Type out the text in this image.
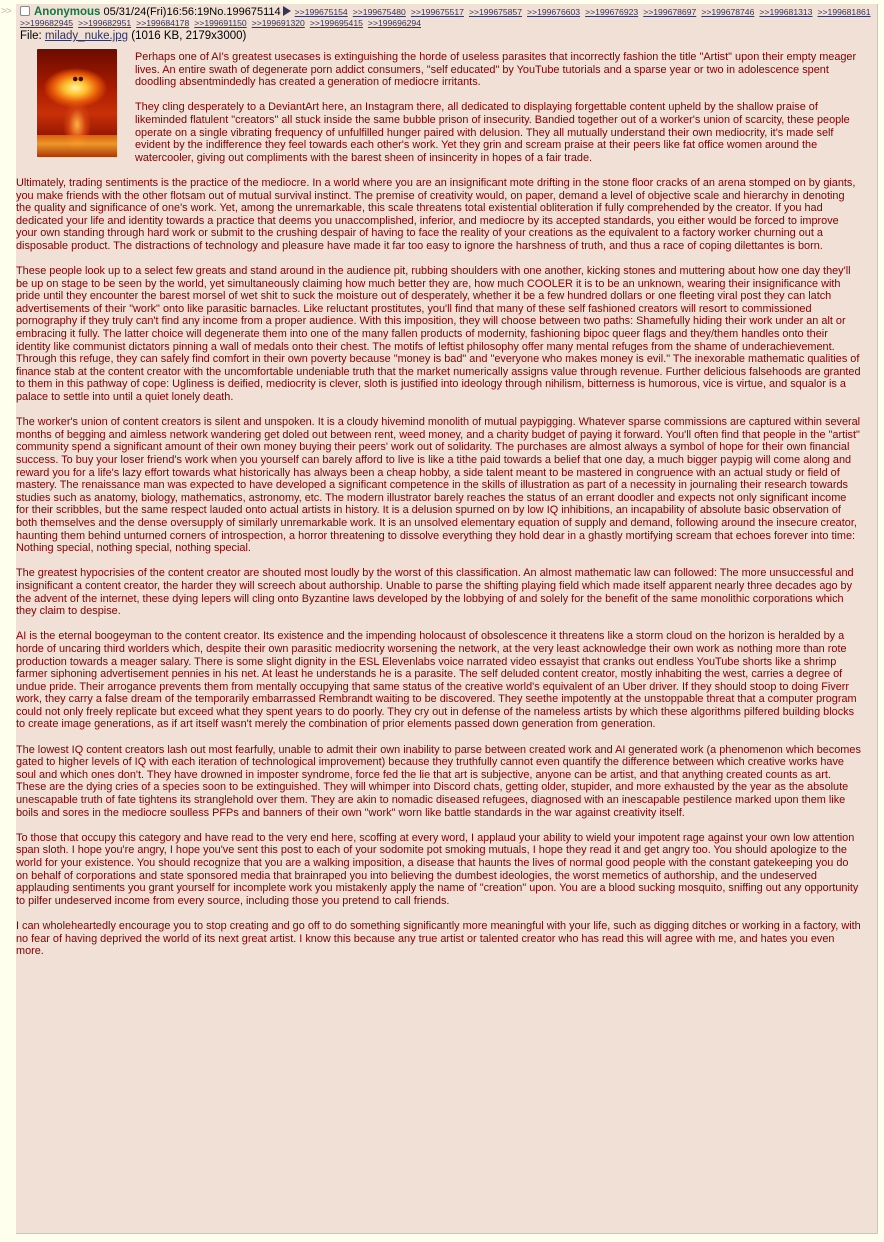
>>	Anonymous 05/31/24(Fri)16:56:19No.199675114 >>199675154 >>199675480 >>199675517 >>199675857 >>199676603 >>199676923 >>199678697 >>199678746 >>199681313 >>199681861 >>199682945 >>199682951 >>199684178 >>199691150 >>199691320 >>199695415 >>199696294
File: milady_nuke.jpg (1016 KB, 2179x3000)

Perhaps one of AI's greatest usecases is extinguishing the horde of useless parasites that incorrectly fashion the title "Artist" upon their empty meager lives. An entire swath of degenerate porn addict consumers, "self educated" by YouTube tutorials and a sparse year or two in adolescence spent doodling absentmindedly has created a generation of mediocre irritants.

They cling desperately to a DeviantArt here, an Instagram there, all dedicated to displaying forgettable content upheld by the shallow praise of likeminded flatulent "creators" all stuck inside the same bubble prison of insecurity. Bandied together out of a worker's union of scarcity, these people operate on a single vibrating frequency of unfulfilled hunger paired with delusion. They all mutually understand their own mediocrity, it's made self evident by the indifference they feel towards each other's work. Yet they grin and scream praise at their peers like fat office women around the watercooler, giving out compliments with the barest sheen of insincerity in hopes of a fair trade.

Ultimately, trading sentiments is the practice of the mediocre. In a world where you are an insignificant mote drifting in the stone floor cracks of an arena stomped on by giants, you make friends with the other flotsam out of mutual survival instinct. The premise of creativity would, on paper, demand a level of objective scale and hierarchy in denoting the quality and significance of one's work. Yet, among the unremarkable, this scale threatens total existential obliteration if fully comprehended by the creator. If you had dedicated your life and identity towards a practice that deems you unaccomplished, inferior, and mediocre by its accepted standards, you either would be forced to improve your own standing through hard work or submit to the crushing despair of having to face the reality of your creations as the equivalent to a factory worker churning out a disposable product. The distractions of technology and pleasure have made it far too easy to ignore the harshness of truth, and thus a race of coping dilettantes is born.

These people look up to a select few greats and stand around in the audience pit, rubbing shoulders with one another, kicking stones and muttering about how one day they'll be up on stage to be seen by the world, yet simultaneously claiming how much better they are, how much COOLER it is to be an unknown, wearing their insignificance with pride until they encounter the barest morsel of wet shit to suck the moisture out of desperately, whether it be a few hundred dollars or one fleeting viral post they can latch advertisements of their "work" onto like parasitic barnacles. Like reluctant prostitutes, you'll find that many of these self fashioned creators will resort to commissioned pornography if they truly can't find any income from a proper audience. With this imposition, they will choose between two paths: Shamefully hiding their work under an alt or embracing it fully. The latter choice will degenerate them into one of the many fallen products of modernity, fashioning bipoc queer flags and they/them handles onto their identity like communist dictators pinning a wall of medals onto their chest. The motifs of leftist philosophy offer many mental refuges from the shame of underachievement. Through this refuge, they can safely find comfort in their own poverty because "money is bad" and "everyone who makes money is evil." The inexorable mathematic qualities of finance stab at the content creator with the uncomfortable undeniable truth that the market numerically assigns value through revenue. Further delicious falsehoods are granted to them in this pathway of cope: Ugliness is deified, mediocrity is clever, sloth is justified into ideology through nihilism, bitterness is humorous, vice is virtue, and squalor is a palace to settle into until a quiet lonely death.

The worker's union of content creators is silent and unspoken. It is a cloudy hivemind monolith of mutual paypigging. Whatever sparse commissions are captured within several months of begging and aimless network wandering get doled out between rent, weed money, and a charity budget of paying it forward. You'll often find that people in the "artist" community spend a significant amount of their own money buying their peers' work out of solidarity. The purchases are almost always a symbol of hope for their own financial success. To buy your loser friend's work when you yourself can barely afford to live is like a tithe paid towards a belief that one day, a much bigger paypig will come along and reward you for a life's lazy effort towards what historically has always been a cheap hobby, a side talent meant to be mastered in congruence with an actual study or field of mastery. The renaissance man was expected to have developed a significant competence in the skills of illustration as part of a necessity in journaling their research towards studies such as anatomy, biology, mathematics, astronomy, etc. The modern illustrator barely reaches the status of an errant doodler and expects not only significant income for their scribbles, but the same respect lauded onto actual artists in history. It is a delusion spurned on by low IQ inhibitions, an incapability of absolute basic observation of both themselves and the dense oversupply of similarly unremarkable work. It is an unsolved elementary equation of supply and demand, following around the insecure creator, haunting them behind unturned corners of introspection, a horror threatening to dissolve everything they hold dear in a ghastly mortifying scream that echoes forever into time: Nothing special, nothing special, nothing special.

The greatest hypocrisies of the content creator are shouted most loudly by the worst of this classification. An almost mathematic law can followed: The more unsuccessful and insignificant a content creator, the harder they will screech about authorship. Unable to parse the shifting playing field which made itself apparent nearly three decades ago by the advent of the internet, these dying lepers will cling onto Byzantine laws developed by the lobbying of and solely for the benefit of the same monolithic corporations which they claim to despise.

AI is the eternal boogeyman to the content creator. Its existence and the impending holocaust of obsolescence it threatens like a storm cloud on the horizon is heralded by a horde of uncaring third worlders which, despite their own parasitic mediocrity worsening the network, at the very least acknowledge their own work as nothing more than rote production towards a meager salary. There is some slight dignity in the ESL Elevenlabs voice narrated video essayist that cranks out endless YouTube shorts like a shrimp farmer siphoning advertisement pennies in his net. At least he understands he is a parasite. The self deluded content creator, mostly inhabiting the west, carries a degree of undue pride. Their arrogance prevents them from mentally occupying that same status of the creative world's equivalent of an Uber driver. If they should stoop to doing Fiverr work, they carry a false dream of the temporarily embarrassed Rembrandt waiting to be discovered. They seethe impotently at the unstoppable threat that a computer program could not only freely replicate but exceed what they spent years to do poorly. They cry out in defense of the nameless artists by which these algorithms pilfered building blocks to create image generations, as if art itself wasn't merely the combination of prior elements passed down generation from generation.

The lowest IQ content creators lash out most fearfully, unable to admit their own inability to parse between created work and AI generated work (a phenomenon which becomes gated to higher levels of IQ with each iteration of technological improvement) because they truthfully cannot even quantify the difference between which creative works have soul and which ones don't. They have drowned in imposter syndrome, force fed the lie that art is subjective, anyone can be artist, and that anything created counts as art. These are the dying cries of a species soon to be extinguished. They will whimper into Discord chats, getting older, stupider, and more exhausted by the year as the absolute unescapable truth of fate tightens its stranglehold over them. They are akin to nomadic diseased refugees, diagnosed with an inescapable pestilence marked upon them like boils and sores in the mediocre soulless PFPs and banners of their own "work" worn like battle standards in the war against creativity itself.

To those that occupy this category and have read to the very end here, scoffing at every word, I applaud your ability to wield your impotent rage against your own low attention span sloth. I hope you're angry, I hope you've sent this post to each of your sodomite pot smoking mutuals, I hope they read it and get angry too. You should apologize to the world for your existence. You should recognize that you are a walking imposition, a disease that haunts the lives of normal good people with the constant gatekeeping you do on behalf of corporations and state sponsored media that brainraped you into believing the dumbest ideologies, the worst memetics of authorship, and the undeserved applauding sentiments you grant yourself for incomplete work you mistakenly apply the name of "creation" upon. You are a blood sucking mosquito, sniffing out any opportunity to pilfer undeserved income from every source, including those you pretend to call friends.

I can wholeheartedly encourage you to stop creating and go off to do something significantly more meaningful with your life, such as digging ditches or working in a factory, with no fear of having deprived the world of its next great artist. I know this because any true artist or talented creator who has read this will agree with me, and hates you even more.
